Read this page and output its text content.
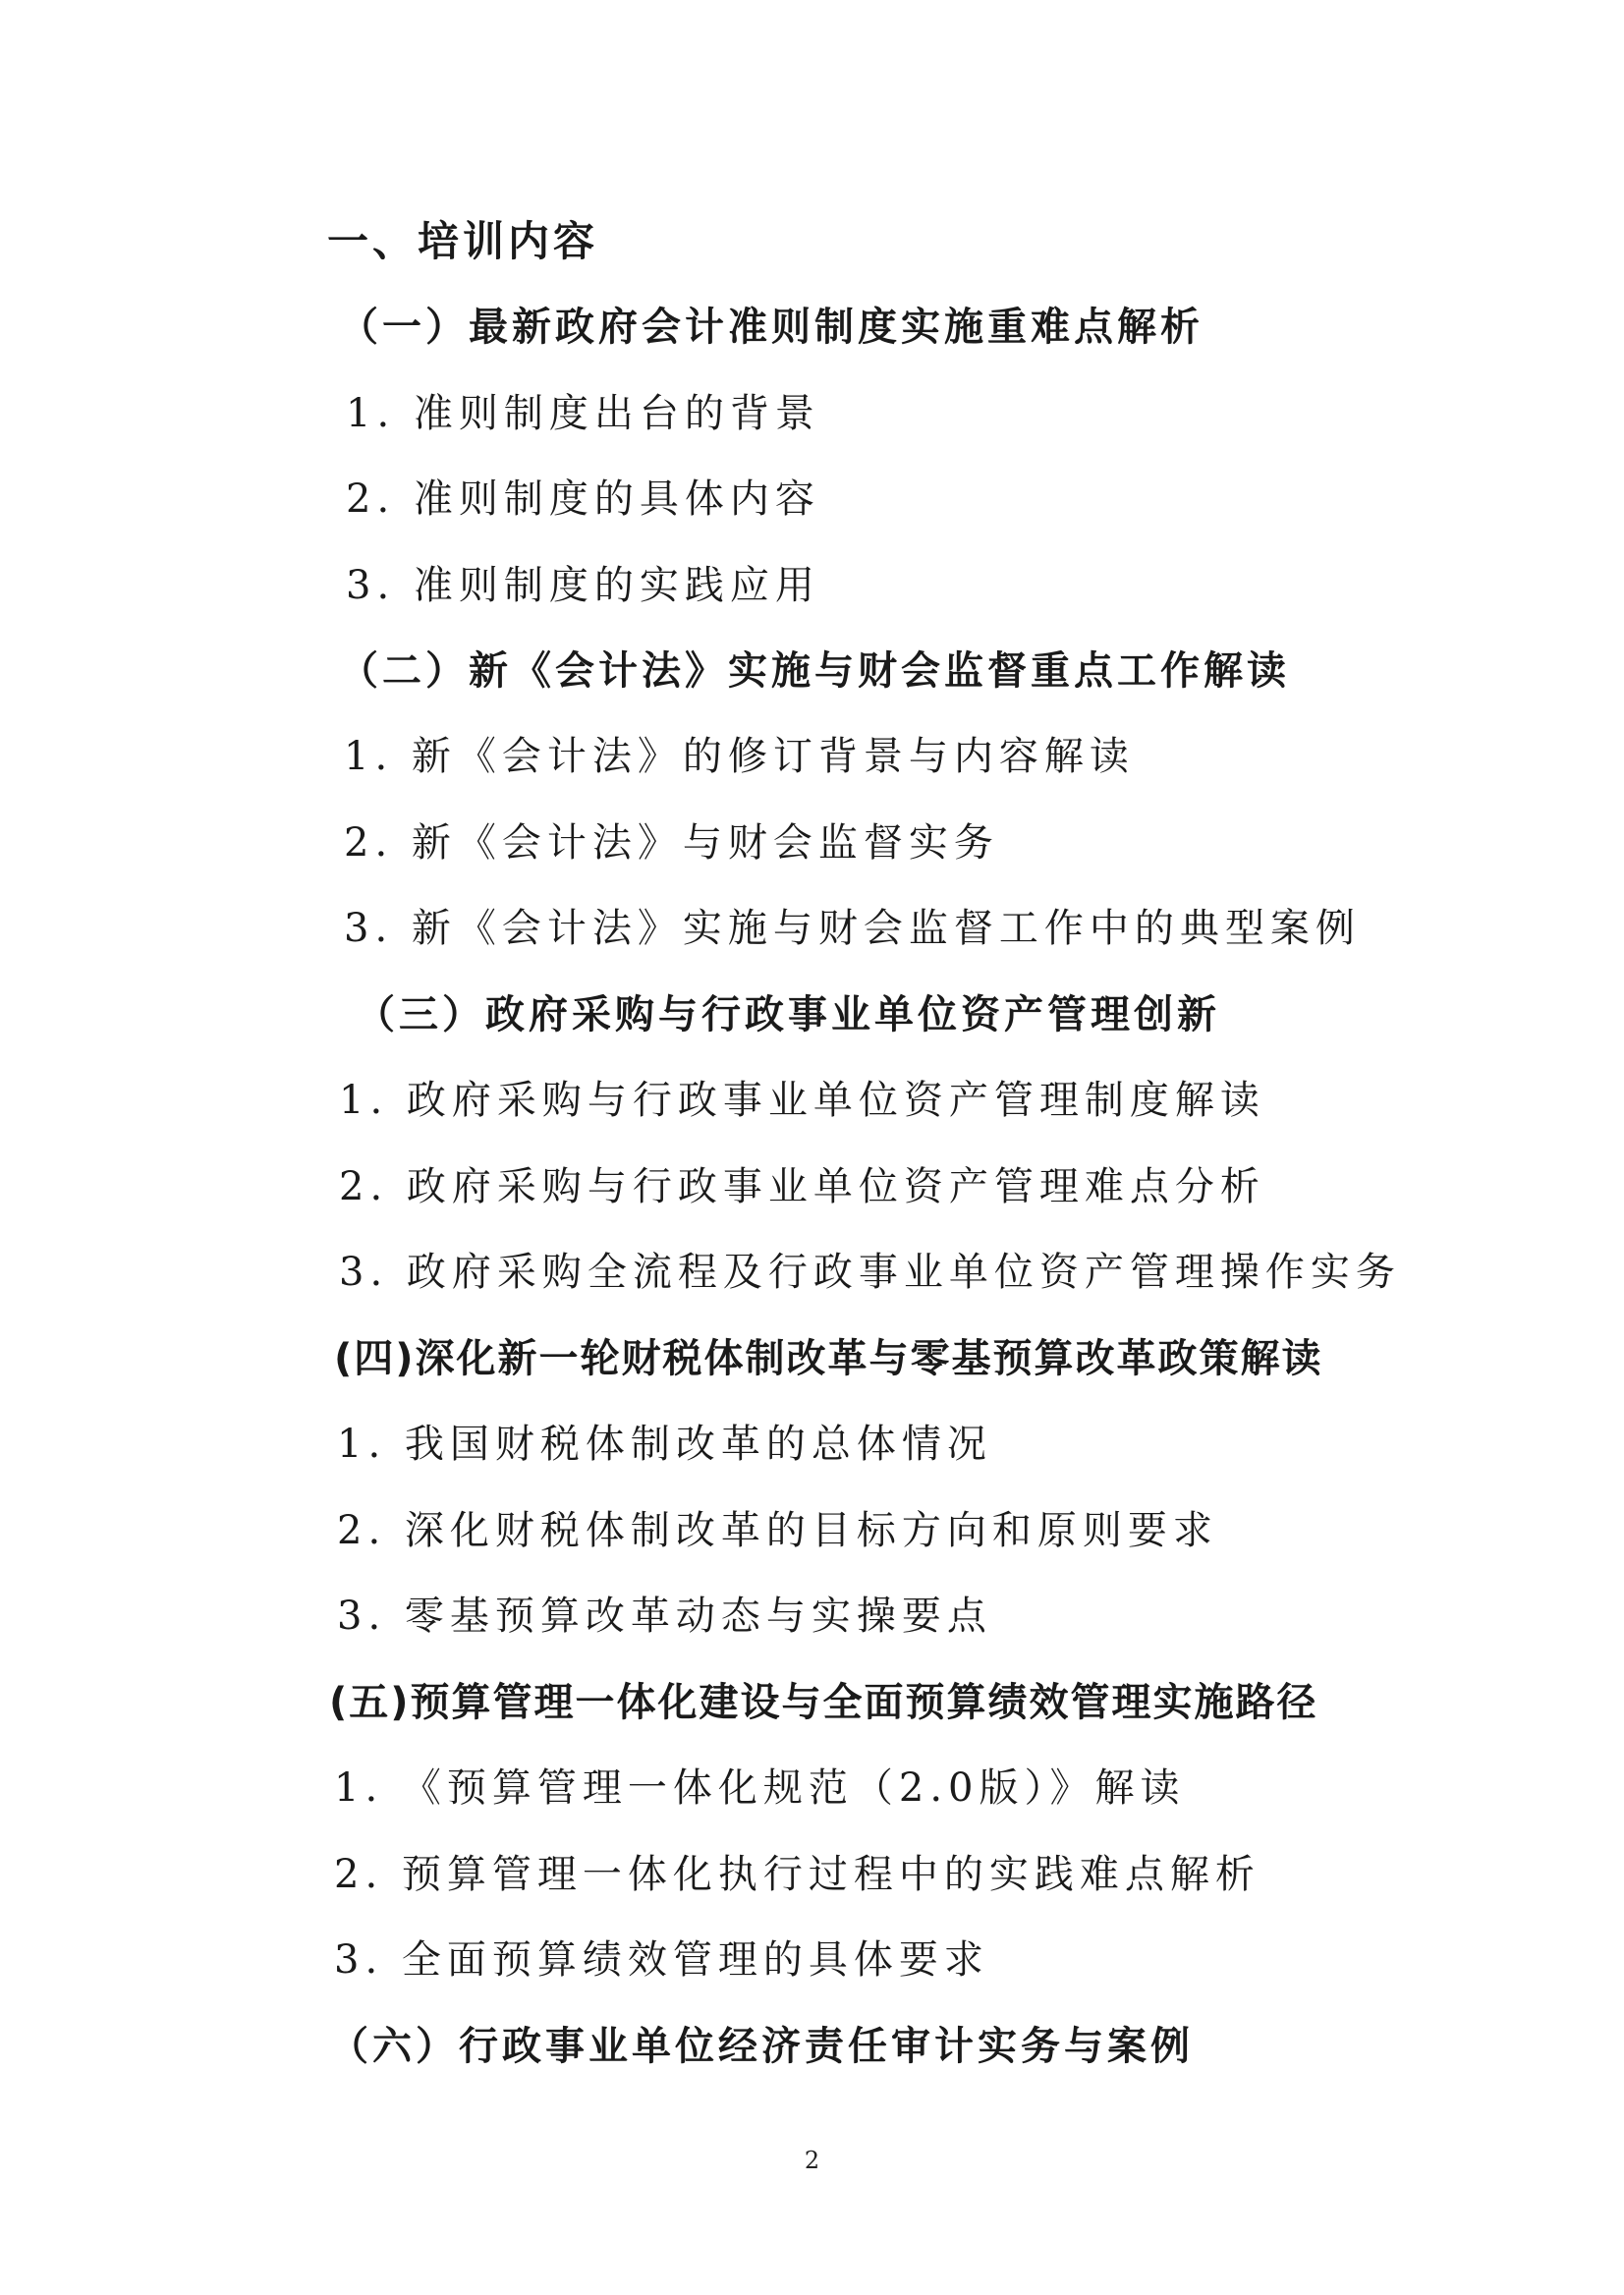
一、培训内容
（一）最新政府会计准则制度实施重难点解析
1. 准则制度出台的背景
2. 准则制度的具体内容
3. 准则制度的实践应用
（二）新《会计法》实施与财会监督重点工作解读
1. 新《会计法》的修订背景与内容解读
2. 新《会计法》与财会监督实务
3. 新《会计法》实施与财会监督工作中的典型案例
（三）政府采购与行政事业单位资产管理创新
1. 政府采购与行政事业单位资产管理制度解读
2. 政府采购与行政事业单位资产管理难点分析
3. 政府采购全流程及行政事业单位资产管理操作实务
(四)深化新一轮财税体制改革与零基预算改革政策解读
1. 我国财税体制改革的总体情况
2. 深化财税体制改革的目标方向和原则要求
3. 零基预算改革动态与实操要点
(五)预算管理一体化建设与全面预算绩效管理实施路径
1. 《预算管理一体化规范（2.0版）》解读
2. 预算管理一体化执行过程中的实践难点解析
3. 全面预算绩效管理的具体要求
（六）行政事业单位经济责任审计实务与案例
2
